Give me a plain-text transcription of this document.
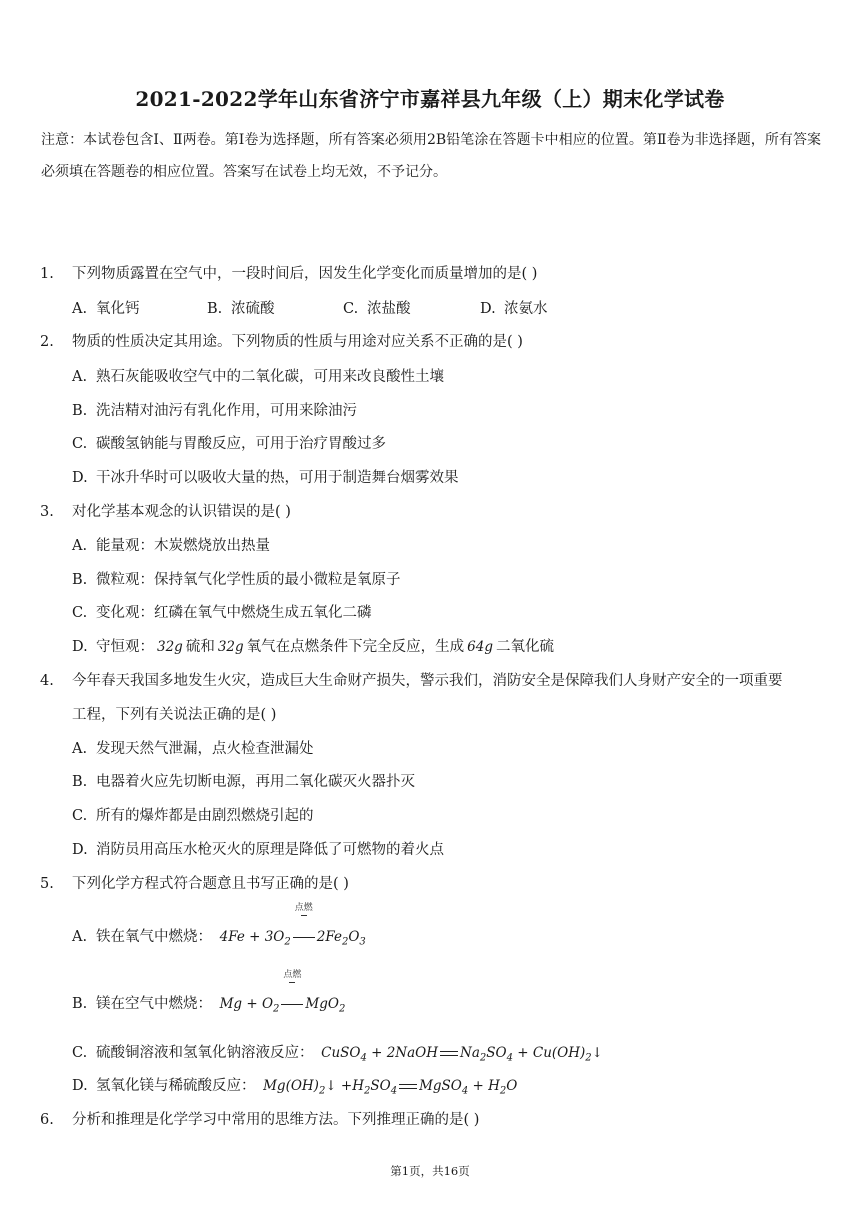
2021-2022学年山东省济宁市嘉祥县九年级（上）期末化学试卷
注意：本试卷包含Ⅰ、Ⅱ两卷。第Ⅰ卷为选择题，所有答案必须用2B铅笔涂在答题卡中相应的位置。第Ⅱ卷为非选择题，所有答案必须填在答题卷的相应位置。答案写在试卷上均无效，不予记分。
1. 下列物质露置在空气中，一段时间后，因发生化学变化而质量增加的是( )
A. 氧化钙	B. 浓硫酸	C. 浓盐酸	D. 浓氨水
2. 物质的性质决定其用途。下列物质的性质与用途对应关系不正确的是( )
A. 熟石灰能吸收空气中的二氧化碳，可用来改良酸性土壤
B. 洗洁精对油污有乳化作用，可用来除油污
C. 碳酸氢钠能与胃酸反应，可用于治疗胃酸过多
D. 干冰升华时可以吸收大量的热，可用于制造舞台烟雾效果
3. 对化学基本观念的认识错误的是( )
A. 能量观：木炭燃烧放出热量
B. 微粒观：保持氧气化学性质的最小微粒是氧原子
C. 变化观：红磷在氧气中燃烧生成五氧化二磷
D. 守恒观： 32g 硫和 32g 氧气在点燃条件下完全反应，生成 64g 二氧化硫
4. 今年春天我国多地发生火灾，造成巨大生命财产损失，警示我们，消防安全是保障我们人身财产安全的一项重要
工程，下列有关说法正确的是( )
A. 发现天然气泄漏，点火检查泄漏处
B. 电器着火应先切断电源，再用二氧化碳灭火器扑灭
C. 所有的爆炸都是由剧烈燃烧引起的
D. 消防员用高压水枪灭火的原理是降低了可燃物的着火点
5. 下列化学方程式符合题意且书写正确的是( )
A. 铁在氧气中燃烧： $4Fe + 3O_2$
点燃
$2Fe_2O_3$
B. 镁在空气中燃烧： $Mg + O_2$
点燃
MgO$_2$
C. 硫酸铜溶液和氢氧化钠溶液反应： CuSO$_4$ + 2NaOH $Na_2SO_4$ + $Cu(OH)_2↓$
D. 氢氧化镁与稀硫酸反应： $Mg(OH)_2↓ +H_2SO_4$ MgSO$_4$ + $H_2O$
6. 分析和推理是化学学习中常用的思维方法。下列推理正确的是( )
第1页，共16页
